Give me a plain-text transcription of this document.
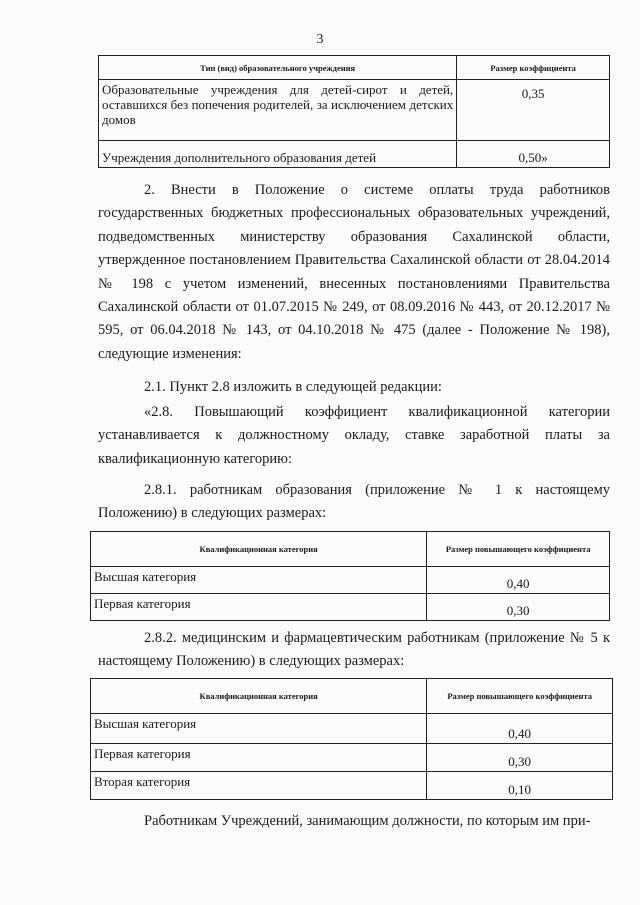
3
Тип (вид) образовательного учреждения	Размер коэффициента
Образовательные учреждения для детей-сирот и детей, оставшихся без попечения родителей, за исключением детских домов	0,35
Учреждения дополнительного образования детей	0,50»

2. Внести в Положение о системе оплаты труда работников государственных бюджетных профессиональных образовательных учреждений, подведомственных министерству образования Сахалинской области, утвержденное постановлением Правительства Сахалинской области от 28.04.2014 № 198 с учетом изменений, внесенных постановлениями Правительства Сахалинской области от 01.07.2015 № 249, от 08.09.2016 № 443, от 20.12.2017 № 595, от 06.04.2018 № 143, от 04.10.2018 № 475 (далее - Положение № 198), следующие изменения:

2.1. Пункт 2.8 изложить в следующей редакции:

«2.8. Повышающий коэффициент квалификационной категории устанавливается к должностному окладу, ставке заработной платы за квалификационную категорию:

2.8.1. работникам образования (приложение № 1 к настоящему Положению) в следующих размерах:

Квалификационная категория	Размер повышающего коэффициента
Высшая категория	0,40
Первая категория	0,30

2.8.2. медицинским и фармацевтическим работникам (приложение № 5 к настоящему Положению) в следующих размерах:

Квалификационная категория	Размер повышающего коэффициента
Высшая категория	0,40
Первая категория	0,30
Вторая категория	0,10

Работникам Учреждений, занимающим должности, по которым им при-
